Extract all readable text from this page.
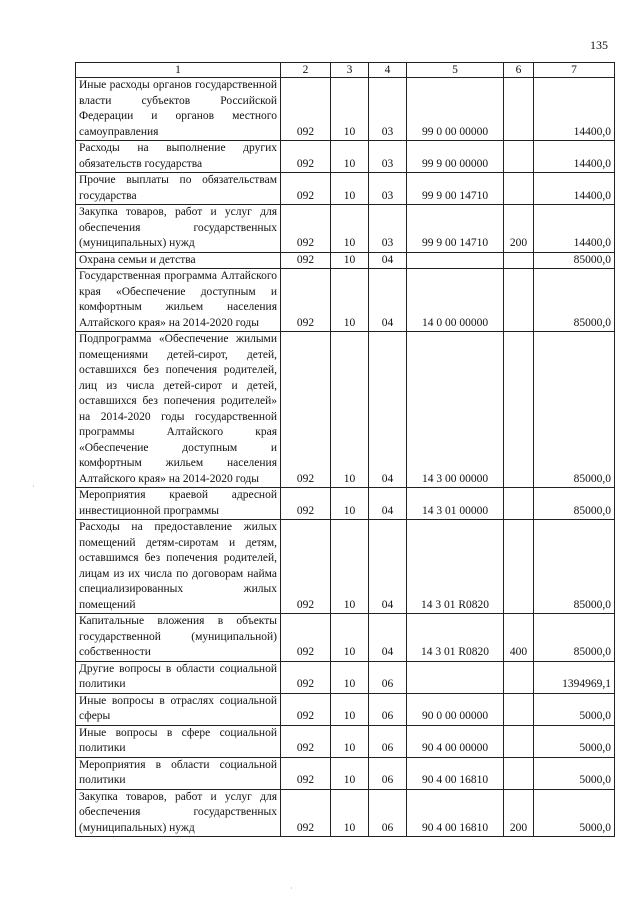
135
·
·
1	2	3	4	5	6	7
Иные расходы органов государственной власти субъектов Российской Федерации и органов местного самоуправления	092	10	03	99 0 00 00000		14400,0
Расходы на выполнение других обязательств государства	092	10	03	99 9 00 00000		14400,0
Прочие выплаты по обязательствам государства	092	10	03	99 9 00 14710		14400,0
Закупка товаров, работ и услуг для обеспечения государственных (муниципальных) нужд	092	10	03	99 9 00 14710	200	14400,0
Охрана семьи и детства	092	10	04			85000,0
Государственная программа Алтайского края «Обеспечение доступным и комфортным жильем населения Алтайского края» на 2014-2020 годы	092	10	04	14 0 00 00000		85000,0
Подпрограмма «Обеспечение жилыми помещениями детей-сирот, детей, оставшихся без попечения родителей, лиц из числа детей-сирот и детей, оставшихся без попечения родителей» на 2014-2020 годы государственной программы Алтайского края «Обеспечение доступным и комфортным жильем населения Алтайского края» на 2014-2020 годы	092	10	04	14 3 00 00000		85000,0
Мероприятия краевой адресной инвестиционной программы	092	10	04	14 3 01 00000		85000,0
Расходы на предоставление жилых помещений детям-сиротам и детям, оставшимся без попечения родителей, лицам из их числа по договорам найма специализированных жилых помещений	092	10	04	14 3 01 R0820		85000,0
Капитальные вложения в объекты государственной (муниципальной) собственности	092	10	04	14 3 01 R0820	400	85000,0
Другие вопросы в области социальной политики	092	10	06			1394969,1
Иные вопросы в отраслях социальной сферы	092	10	06	90 0 00 00000		5000,0
Иные вопросы в сфере социальной политики	092	10	06	90 4 00 00000		5000,0
Мероприятия в области социальной политики	092	10	06	90 4 00 16810		5000,0
Закупка товаров, работ и услуг для обеспечения государственных (муниципальных) нужд	092	10	06	90 4 00 16810	200	5000,0
